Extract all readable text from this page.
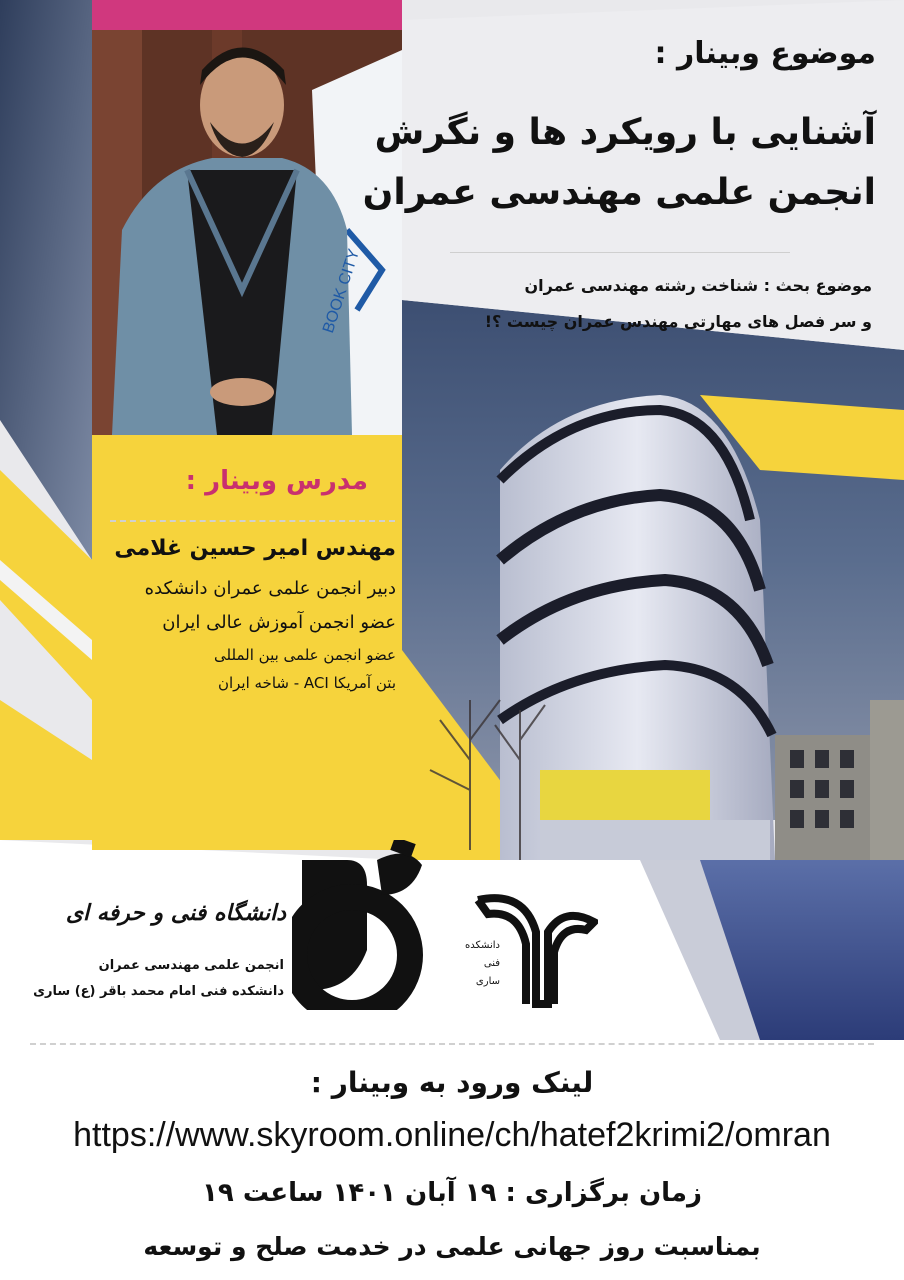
BOOK CITY
موضوع وبینار :
آشنایی با رویکرد ها و نگرش
انجمن علمی مهندسی عمران
موضوع بحث : شناخت رشته مهندسی عمران
و سر فصل های مهارتی مهندس عمران چیست ؟!
مدرس وبینار :
مهندس امیر حسین غلامی
دبیر انجمن علمی عمران دانشکده
عضو انجمن آموزش عالی ایران
عضو انجمن علمی بین المللی
بتن آمریکا ACI - شاخه ایران
دانشگاه فنی و حرفه ای
انجمن علمی مهندسی عمران
دانشکده فنی امام محمد باقر (ع) ساری
دانشکده
فنی
ساری
لینک ورود به وبینار :
https://www.skyroom.online/ch/hatef2krimi2/omran
زمان برگزاری : ۱۹ آبان ۱۴۰۱ ساعت ۱۹
بمناسبت روز جهانی علمی در خدمت صلح و توسعه
